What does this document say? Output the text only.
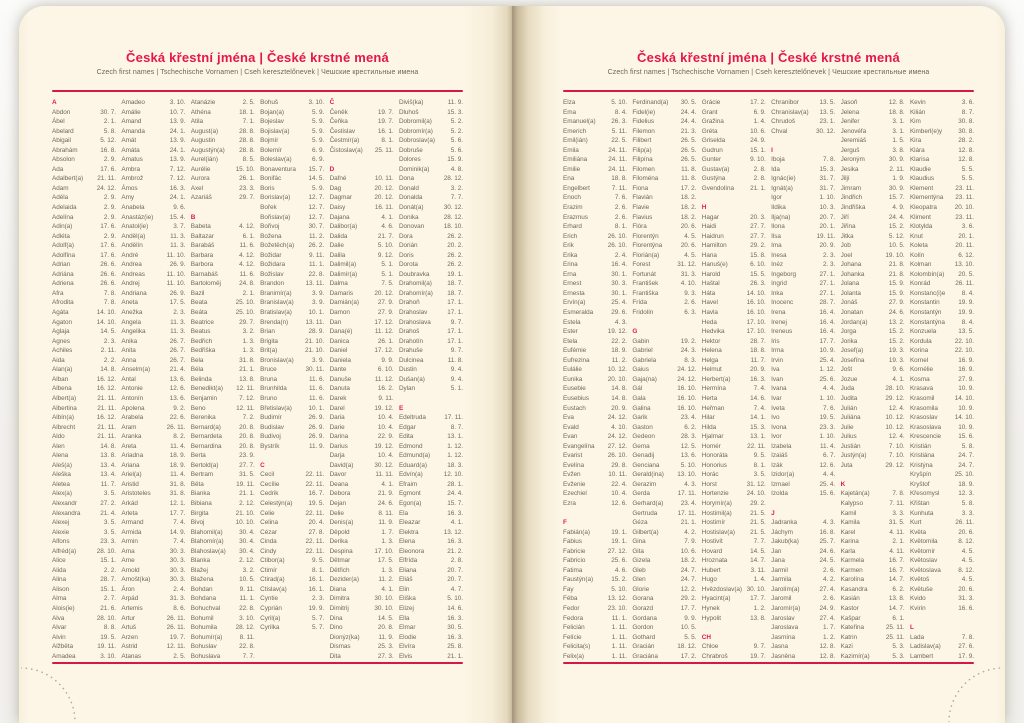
Česká křestní jména | České krstné mená
Czech first names | Tschechische Vornamen | Cseh keresztelőnevek | Чешские крестильные имена
A
Abdon	30. 7.
Ábel	2. 1.
Abelard	5. 8.
Abigail	5. 12.
Abrahám	16. 8.
Absolon	2. 9.
Ada	17. 6.
Adalbert(a)	21. 11.
Adam	24. 12.
Adéla	2. 9.
Adelaida	2. 9.
Adelína	2. 9.
Adin(a)	17. 6.
Adléta	2. 9.
Adolf(a)	17. 6.
Adolfína	17. 6.
Adrian	26. 6.
Adriána	26. 6.
Adriena	26. 6.
Afra	7. 8.
Afrodita	7. 8.
Agáta	14. 10.
Agaton	14. 10.
Aglaja	14. 5.
Agnes	2. 3.
Achiles	2. 11.
Aida	2. 2.
Alan(a)	14. 8.
Alban	16. 12.
Albena	16. 12.
Albert(a)	21. 11.
Albertina	21. 11.
Albín(a)	16. 12.
Albrecht	21. 11.
Aldo	21. 11.
Alen	14. 8.
Alena	13. 8.
Aleš(a)	13. 4.
Aleška	13. 4.
Aletea	11. 7.
Alex(a)	3. 5.
Alexandr	27. 2.
Alexandra	21. 4.
Alexej	3. 5.
Alexie	3. 5.
Alfons	23. 3.
Alfréd(a)	28. 10.
Alice	15. 1.
Alida	2. 2.
Alina	28. 7.
Alison	15. 1.
Alma	2. 7.
Alois(ie)	21. 6.
Alva	28. 10.
Alvar	8. 8.
Alvin	19. 5.
Alžběta	19. 11.
Amadea	3. 10.
Amadeo	3. 10.
Amálie	10. 7.
Amand	13. 9.
Amanda	24. 1.
Amát	13. 9.
Amáta	24. 1.
Amatus	13. 9.
Ambra	7. 12.
Ambrož	7. 12.
Ámos	16. 3.
Amy	24. 1.
Anabela	9. 6.
Anastáz(ie)	15. 4.
Anatol(ie)	3. 7.
Anděl(a)	11. 3.
Andělín	11. 3.
André	11. 10.
Andrea	26. 9.
Andreas	11. 10.
Andrej	11. 10.
Andriana	26. 9.
Aneta	17. 5.
Anežka	2. 3.
Angela	11. 3.
Angelika	11. 3.
Anika	26. 7.
Anita	26. 7.
Anna	26. 7.
Anselm(a)	21. 4.
Antal	13. 6.
Antonie	12. 6.
Antonín	13. 6.
Apolena	9. 2.
Arabela	22. 6.
Aram	26. 11.
Aranka	8. 2.
Areta	11. 4.
Ariadna	18. 9.
Ariana	18. 9.
Ariel(a)	11. 4.
Aristid	31. 8.
Aristoteles	31. 8.
Arkád	12. 1.
Arleta	17. 7.
Armand	7. 4.
Armida	14. 9.
Armin	7. 4.
Arna	30. 3.
Arne	30. 3.
Arnold	30. 3.
Arnošt(ka)	30. 3.
Áron	2. 4.
Arpád	31. 3.
Artemis	8. 6.
Artur	26. 11.
Artuš	26. 11.
Arzen	19. 7.
Astrid	12. 11.
Atanas	2. 5.
Atanázie	2. 5.
Athéna	18. 1.
Atila	7. 1.
August(a)	28. 8.
Augustin	28. 8.
Augustýn(a)	28. 8.
Aurel(ián)	8. 5.
Aurélie	15. 10.
Aurora	26. 1.
Axel	23. 3.
Azariáš	29. 7.
B
Babeta	4. 12.
Baltazar	6. 1.
Barabáš	11. 6.
Barbara	4. 12.
Barbora	4. 12.
Barnabáš	11. 6.
Bartoloměj	24. 8.
Bazil	2. 1.
Beata	25. 10.
Beáta	25. 10.
Beatrice	29. 7.
Beatus	3. 2.
Bedřich	1. 3.
Bedřiška	1. 3.
Bela	31. 8.
Béla	21. 1.
Belinda	13. 8.
Benedikt(a)	12. 11.
Benjamin	7. 12.
Beno	12. 11.
Berenika	7. 2.
Bernard(a)	20. 8.
Bernardeta	20. 8.
Bernardina	20. 8.
Berta	23. 9.
Bertold(a)	27. 7.
Bertram	31. 5.
Běta	19. 11.
Bianka	21. 1.
Bibiana	2. 12.
Birgita	21. 10.
Bivoj	10. 10.
Blahomil(a)	30. 4.
Blahomír(a)	30. 4.
Blahoslav(a)	30. 4.
Blanka	2. 12.
Blažej	3. 2.
Blažena	10. 5.
Bohdan	9. 11.
Bohdana	11. 1.
Bohuchval	22. 8.
Bohumil	3. 10.
Bohumila	28. 12.
Bohumír(a)	8. 11.
Bohuslav	22. 8.
Bohuslava	7. 7.
Bohuš	3. 10.
Bojan(a)	5. 9.
Bojeslav	5. 9.
Bojislav(a)	5. 9.
Bojmír	5. 9.
Bolemír	6. 9.
Boleslav(a)	6. 9.
Bonaventura	15. 7.
Bonifác	14. 5.
Boris	5. 9.
Borislav(a)	12. 7.
Bořek	12. 7.
Bořislav(a)	12. 7.
Bořivoj	30. 7.
Božena	11. 2.
Božetěch(a)	26. 2.
Božidar	9. 11.
Božidara	11. 1.
Božislav	22. 8.
Brandon	13. 11.
Branimír(a)	3. 9.
Branislav(a)	3. 9.
Bratislav(a)	10. 1.
Brenda(n)	13. 11.
Brian	28. 9.
Brigita	21. 10.
Brit(a)	21. 10.
Bronislav(a)	3. 9.
Bruce	30. 11.
Bruna	11. 6.
Brunhilda	11. 6.
Bruno	11. 6.
Břetislav(a)	10. 1.
Budimír	26. 9.
Budislav	26. 9.
Budivoj	26. 9.
Bystrík	11. 9.
C
Cecil	22. 11.
Cecílie	22. 11.
Cedrik	16. 7.
Celestýn(a)	19. 5.
Celie	22. 11.
Celina	20. 4.
Cézar	27. 8.
Cinda	22. 11.
Cindy	22. 11.
Ctibor(a)	9. 5.
Ctimír	8. 1.
Ctirad(a)	16. 1.
Ctislav(a)	16. 1.
Cyntie	2. 3.
Cyprián	19. 9.
Cyril(a)	5. 7.
Cyrilka	5. 7.
Č
Čeněk	19. 7.
Čeňka	19. 7.
Čestislav	16. 1.
Čestmír(a)	8. 1.
Čistoslav(a)	25. 11.
D
Dafné	10. 11.
Dag	20. 12.
Dagmar	20. 12.
Daisy	16. 11.
Dajana	4. 1.
Dalibor(a)	4. 6.
Dalida	21. 7.
Dalie	5. 10.
Dalila	9. 12.
Dalimil(a)	5. 1.
Dalimír(a)	5. 1.
Dalma	7. 5.
Damaris	20. 12.
Damián(a)	27. 9.
Damon	27. 9.
Dan	17. 12.
Dana(é)	11. 12.
Danica	26. 1.
Daniel	17. 12.
Daniela	9. 9.
Dante	6. 10.
Danuše	11. 12.
Danuta	16. 2.
Darek	9. 11.
Darel	19. 12.
Daria	10. 4.
Darie	10. 4.
Darina	22. 9.
Darius	19. 12.
Darja	10. 4.
David(a)	30. 12.
Davor	11. 11.
Deana	4. 1.
Debora	21. 9.
Dejan	24. 6.
Delie	8. 11.
Denis(a)	11. 9.
Děpold	1. 7.
Derika	1. 3.
Despina	17. 10.
Dětmar	17. 5.
Dětřich	1. 3.
Dezider(a)	11. 2.
Diana	4. 1.
Dimitra	30. 10.
Dimitrij	30. 10.
Dina	14. 5.
Dino	20. 8.
Dionýz(ka)	11. 9.
Dismas	25. 3.
Dita	27. 3.
Diviš(ka)	11. 9.
Dluhoš	15. 3.
Dobromil(a)	5. 2.
Dobromír(a)	5. 2.
Dobroslav(a)	5. 6.
Dobruše	5. 6.
Dolores	15. 9.
Dominik(a)	4. 8.
Dona	28. 12.
Donald	3. 2.
Donalda	7. 7.
Donát(a)	30. 12.
Donika	28. 12.
Donovan	18. 10.
Dora	26. 2.
Dorián	20. 2.
Doris	26. 2.
Dorota	26. 2.
Doubravka	19. 1.
Drahomil(a)	18. 7.
Drahomír(a)	18. 7.
Drahoň	17. 1.
Drahoslav	17. 1.
Drahoslava	9. 7.
Drahoš	17. 1.
Drahotín	17. 1.
Drahuše	9. 7.
Dulcinea	11. 8.
Dustin	9. 4.
Dušan(a)	9. 4.
Dylan	5. 1.
E
Edeltruda	17. 11.
Edgar	8. 7.
Edita	13. 1.
Edmond	1. 12.
Edmund(a)	1. 12.
Eduard(a)	18. 3.
Edvín(a)	12. 10.
Efraim	28. 1.
Egmont	24. 4.
Egon(a)	15. 7.
Ela	16. 3.
Eleazar	4. 1.
Elektra	13. 12.
Elena	16. 3.
Eleonora	21. 2.
Elfrída	2. 8.
Eliana	20. 7.
Eliáš	20. 7.
Elin	4. 7.
Eliška	5. 10.
Elizej	14. 6.
Ella	16. 3.
Elmar	30. 5.
Elodie	16. 3.
Elvíra	25. 8.
Elvis	21. 1.
Česká křestní jména | České krstné mená
Czech first names | Tschechische Vornamen | Cseh keresztelőnevek | Чешские крестильные имена
Elza	5. 10.
Ema	8. 4.
Emanuel(a)	26. 3.
Emerich	5. 11.
Emil(ián)	22. 5.
Emila	24. 11.
Emiliána	24. 11.
Emilie	24. 11.
Ena	18. 8.
Engelbert	7. 11.
Enoch	7. 6.
Erazim	2. 6.
Erazmus	2. 6.
Erhard	8. 1.
Erich	26. 10.
Erik	26. 10.
Erika	2. 4.
Erina	16. 4.
Erna	30. 1.
Ernest	30. 3.
Ernesta	30. 1.
Ervín(a)	25. 4.
Esmeralda	29. 6.
Estela	4. 3.
Ester	19. 12.
Etela	22. 2.
Eufémie	18. 9.
Eufrezina	11. 2.
Eulálie	10. 12.
Eunika	20. 10.
Eusebie	14. 8.
Eusebius	14. 8.
Eustach	20. 9.
Eva	24. 12.
Evald	4. 10.
Evan	24. 12.
Evangelína	27. 12.
Evarist	26. 10.
Evelína	29. 8.
Evžen	10. 11.
Evženie	22. 4.
Ezechiel	10. 4.
Ezra	12. 6.
F
Fabián(a)	19. 1.
Fabius	19. 1.
Fabricie	27. 12.
Fabricio	25. 6.
Fatima	4. 6.
Faustýn(a)	15. 2.
Fay	5. 10.
Féba	13. 12.
Fedor	23. 10.
Fedora	11. 1.
Felicián	1. 11.
Felície	1. 11.
Felicita(s)	1. 11.
Felix(a)	1. 11.
Ferdinand(a)	30. 5.
Fidel(ie)	24. 4.
Fidelius	24. 4.
Filemon	21. 3.
Filibert	26. 5.
Filip(a)	26. 5.
Filipína	26. 5.
Filomen	11. 8.
Filoména	11. 8.
Fiona	17. 2.
Flavián	18. 2.
Flavie	18. 2.
Flavius	18. 2.
Flóra	20. 6.
Florentýn	4. 5.
Florentýna	20. 6.
Florián(a)	4. 5.
Forest	31. 12.
Fortunát	31. 3.
František	4. 10.
Františka	9. 3.
Frída	2. 6.
Fridolín	6. 3.
G
Gabin	19. 2.
Gabriel	24. 3.
Gabriela	8. 3.
Gaius	24. 12.
Gaja(na)	24. 12.
Gál	16. 10.
Gala	16. 10.
Galina	16. 10.
Garik	23. 4.
Gaston	6. 2.
Gedeon	28. 3.
Gema	12. 5.
Genadij	13. 6.
Genciana	5. 10.
Gerald(ina)	13. 10.
Gerazim	4. 3.
Gerda	17. 11.
Gerhard(a)	23. 4.
Gertruda	17. 11.
Géza	21. 1.
Gilbert(a)	4. 2.
Gina	7. 9.
Gita	10. 6.
Gizela	18. 2.
Gleb	24. 7.
Glen	24. 7.
Glorie	12. 2.
Gorana	29. 2.
Gorazd	17. 7.
Gordana	9. 9.
Gordon	10. 5.
Gothard	5. 5.
Gracián	18. 12.
Graciána	17. 2.
Grácie	17. 2.
Grant	6. 9.
Gražina	1. 4.
Gréta	10. 6.
Griselda	24. 9.
Gudrun	15. 1.
Gunter	9. 10.
Gustav(a)	2. 8.
Gustýna	2. 8.
Gvendolína	21. 1.
H
Hagar	20. 3.
Haidi	27. 7.
Haidrun	27. 7.
Hamilton	29. 2.
Hana	15. 8.
Hanuš(e)	6. 10.
Harold	15. 5.
Haštal	26. 3.
Háta	14. 10.
Havel	16. 10.
Havla	16. 10.
Heda	17. 10.
Hedvika	17. 10.
Hektor	28. 7.
Helena	18. 8.
Helga	11. 7.
Helmut	20. 9.
Herbert(a)	16. 3.
Hermína	7. 4.
Herta	14. 6.
Heřman	7. 4.
Hilar	14. 1.
Hilda	15. 3.
Hjalmar	13. 1.
Homér	22. 11.
Honoráta	9. 5.
Honorius	8. 1.
Horác	3. 5.
Horst	31. 12.
Hortenzie	24. 10.
Horymír(a)	29. 2.
Hostimil(a)	21. 5.
Hostimír	21. 5.
Hostislav(a)	21. 5.
Hostivít	7. 7.
Hovard	14. 5.
Hroznata	14. 7.
Hubert	3. 11.
Hugo	1. 4.
Hvězdoslav(a) 30. 10.
Hyacint(a)	17. 7.
Hynek	1. 2.
Hypolit	13. 8.
CH
Chloe	9. 7.
Chrabroš	19. 7.
Chranibor	13. 5.
Chranislav(a)	13. 5.
Chrudoš	23. 1.
Chval	30. 12.
I
Iboja	7. 8.
Ida	15. 3.
Ignác(ie)	31. 7.
Ignát(a)	31. 7.
Igor	1. 10.
Ildika	10. 3.
Ilja(na)	20. 7.
Ilona	20. 1.
Ilsa	19. 11.
Ima	20. 9.
Inesa	2. 3.
Inéz	2. 3.
Ingeborg	27. 1.
Ingrid	27. 1.
Inka	27. 1.
Inocenc	28. 7.
Irena	16. 4.
Irenej	16. 4.
Ireneus	16. 4.
Iris	17. 7.
Irma	10. 9.
Irvin	25. 4.
Iva	1. 12.
Ivan	25. 6.
Ivana	4. 4.
Ivar	1. 10.
Iveta	7. 6.
Ivo	19. 5.
Ivona	23. 3.
Ivor	1. 10.
Izabela	11. 4.
Izaiáš	6. 7.
Izák	12. 6.
Izidor(a)	4. 4.
Izmael	25. 4.
Izolda	15. 6.
J
Jadranka	4. 3.
Jáchym	16. 8.
Jakub(ka)	25. 7.
Jan	24. 6.
Jana	24. 5.
Jarmil	2. 6.
Jarmila	4. 2.
Jarolím(a)	27. 4.
Jaromil	2. 6.
Jaromír(a)	24. 9.
Jaroslav	27. 4.
Jaroslava	1. 7.
Jasmína	1. 2.
Jasna	12. 8.
Jasněna	12. 8.
Jasoň	12. 8.
Jelena	18. 8.
Jenifer	3. 1.
Jenovéfa	3. 1.
Jeremiáš	1. 5.
Jerguš	3. 8.
Jeroným	30. 9.
Jesika	2. 11.
Jiljí	1. 9.
Jimram	30. 9.
Jindřich	15. 7.
Jindřiška	4. 9.
Jiří	24. 4.
Jiřina	15. 2.
Jitka	5. 12.
Job	10. 5.
Joel	19. 10.
Johana	21. 8.
Johanka	21. 8.
Jolana	15. 9.
Jolanta	15. 9.
Jonáš	27. 9.
Jonatan	24. 6.
Jordan(a)	13. 2.
Jorga	15. 2.
Jorika	15. 2.
Josef(a)	19. 3.
Josefína	19. 3.
Jošt	9. 6.
Jozue	4. 1.
Juda	28. 10.
Judita	29. 12.
Julián	12. 4.
Juliána	10. 12.
Julie	10. 12.
Julius	12. 4.
Justián	7. 10.
Justýn(a)	7. 10.
Juta	29. 12.
K
Kajetán(a)	7. 8.
Kalypso	7. 11.
Kamil	3. 3.
Kamila	31. 5.
Karel	4. 11.
Karina	2. 1.
Karla	4. 11.
Karmela	16. 7.
Karmen	16. 7.
Karolína	14. 7.
Kasandra	6. 2.
Kasián	13. 8.
Kastor	14. 7.
Kašpar	6. 1.
Kateřina	25. 11.
Katrin	25. 11.
Kazi	5. 3.
Kazimír(a)	5. 3.
Kevin	3. 6.
Kilián	8. 7.
Kim	30. 8.
Kimberl(e)y	30. 8.
Kira	28. 2.
Klára	12. 8.
Klarisa	12. 8.
Klaudie	5. 5.
Klaudius	5. 5.
Klement	23. 11.
Klementýna	23. 11.
Kleopatra	20. 10.
Kliment	23. 11.
Klotylda	3. 6.
Knut	20. 1.
Koleta	20. 11.
Kolín	6. 12.
Kolman	13. 10.
Kolombín(a)	20. 5.
Konrád	26. 11.
Konstanc(i)e	8. 4.
Konstantin	19. 9.
Konstantýn	19. 9.
Konstantýna	8. 4.
Konzuela	13. 5.
Kordula	22. 10.
Korina	22. 10.
Kornel	16. 9.
Kornélie	16. 9.
Kosma	27. 9.
Krasava	10. 9.
Krasomil	14. 10.
Krasomila	10. 9.
Krasoslav	14. 10.
Krasoslava	10. 9.
Krescencie	15. 6.
Kristián	5. 8.
Kristiána	24. 7.
Kristýna	24. 7.
Kryšpín	25. 10.
Kryštof	18. 9.
Křesomysl	12. 3.
Křištan	5. 8.
Kunhuta	3. 3.
Kurt	26. 11.
Květa	20. 6.
Květomila	8. 12.
Květomír	4. 5.
Květoslav	4. 5.
Květoslava	8. 12.
Květoš	4. 5.
Květuše	20. 6.
Kvido	31. 3.
Kvirin	16. 6.
L
Lada	7. 8.
Ladislav(a)	27. 6.
Lambert	17. 9.
